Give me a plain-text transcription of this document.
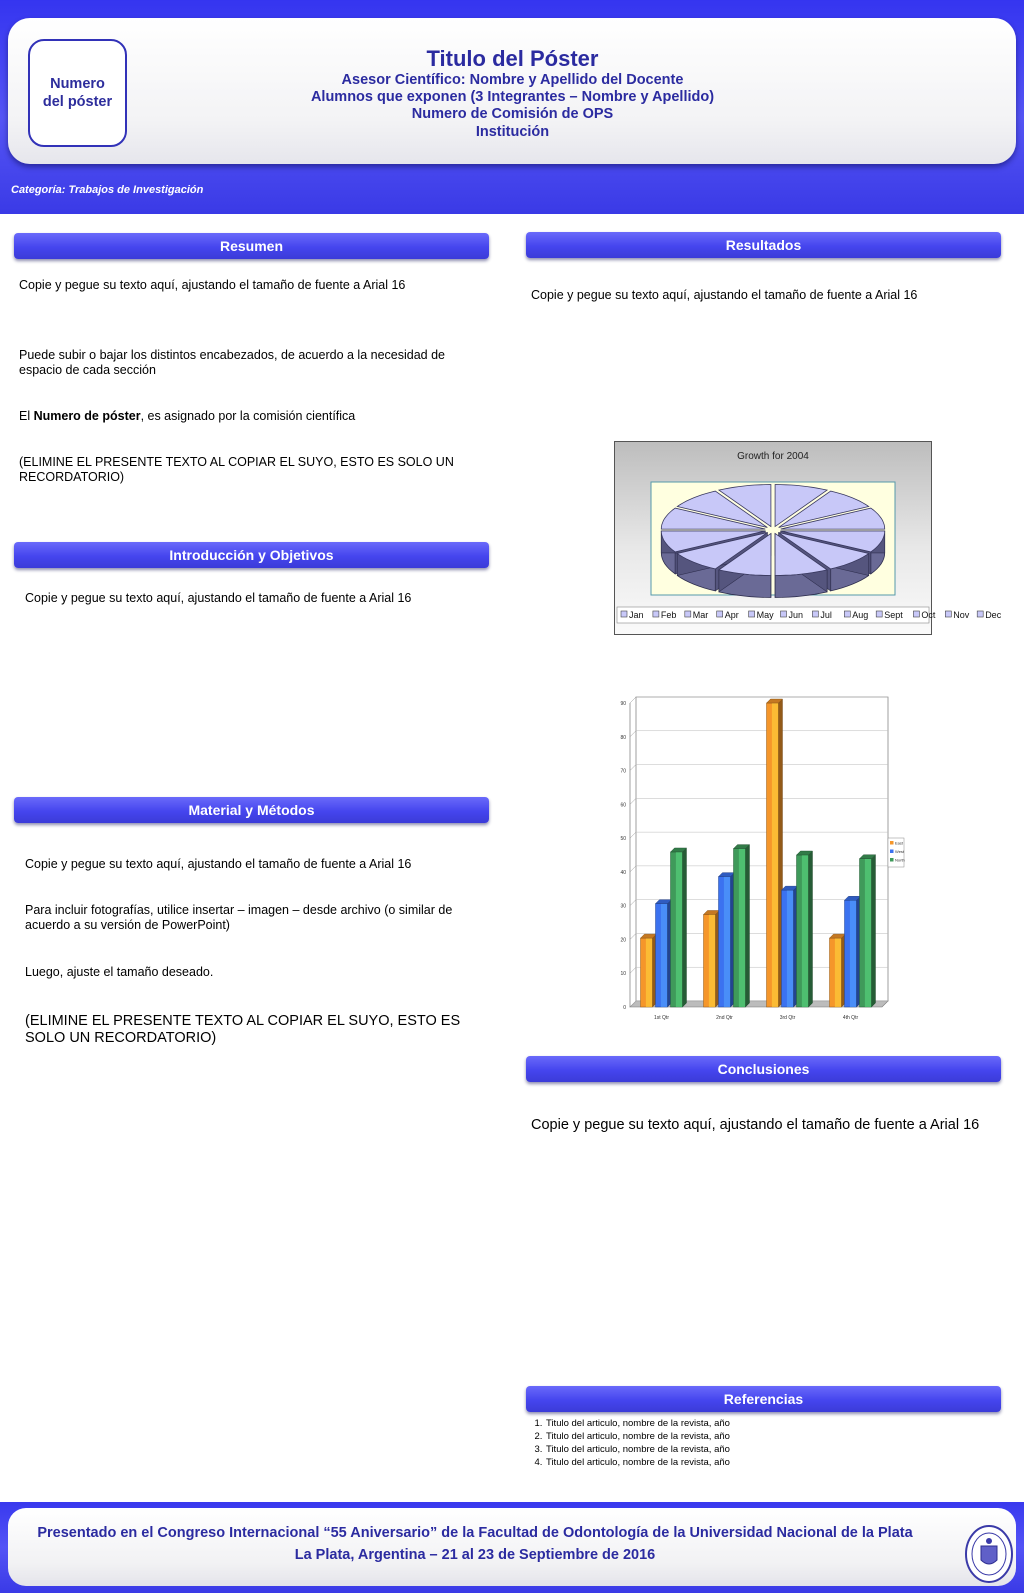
Numero del póster
Titulo del Póster
Asesor Científico: Nombre y Apellido del Docente
Alumnos que exponen (3 Integrantes – Nombre y Apellido)
Numero de Comisión de OPS
Institución
Categoría: Trabajos de Investigación
Resumen
Copie y pegue su texto aquí, ajustando el tamaño de fuente a Arial 16
Puede subir o bajar los distintos encabezados, de acuerdo a la necesidad de espacio de cada sección
El Numero de póster, es asignado por la comisión científica
(ELIMINE EL PRESENTE TEXTO AL COPIAR EL SUYO, ESTO ES SOLO UN RECORDATORIO)
Introducción y Objetivos
Copie y pegue su texto aquí, ajustando el tamaño de fuente a Arial 16
Material y Métodos
Copie y pegue su texto aquí, ajustando el tamaño de fuente a Arial 16
Para incluir fotografías, utilice insertar – imagen – desde archivo (o similar de acuerdo a su versión de PowerPoint)
Luego, ajuste el tamaño deseado.
(ELIMINE EL PRESENTE TEXTO AL COPIAR EL SUYO, ESTO ES SOLO UN RECORDATORIO)
Resultados
Copie y pegue su texto aquí, ajustando el tamaño de fuente a Arial 16
Growth for 2004
Jan Feb Mar Apr May Jun Jul Aug Sept Oct Nov Dec
0
10
20
30
40
50
60
70
80
90
1st Qtr	2nd Qtr	3rd Qtr	4th Qtr
East
West
North
Conclusiones
Copie y pegue su texto aquí, ajustando el tamaño de fuente a Arial 16
Referencias
1. Titulo del articulo, nombre de la revista, año
2. Titulo del articulo, nombre de la revista, año
3. Titulo del articulo, nombre de la revista, año
4. Titulo del articulo, nombre de la revista, año
Presentado en el Congreso Internacional “55 Aniversario” de la Facultad de Odontología de la Universidad Nacional de la Plata
La Plata, Argentina – 21 al 23 de Septiembre de 2016
